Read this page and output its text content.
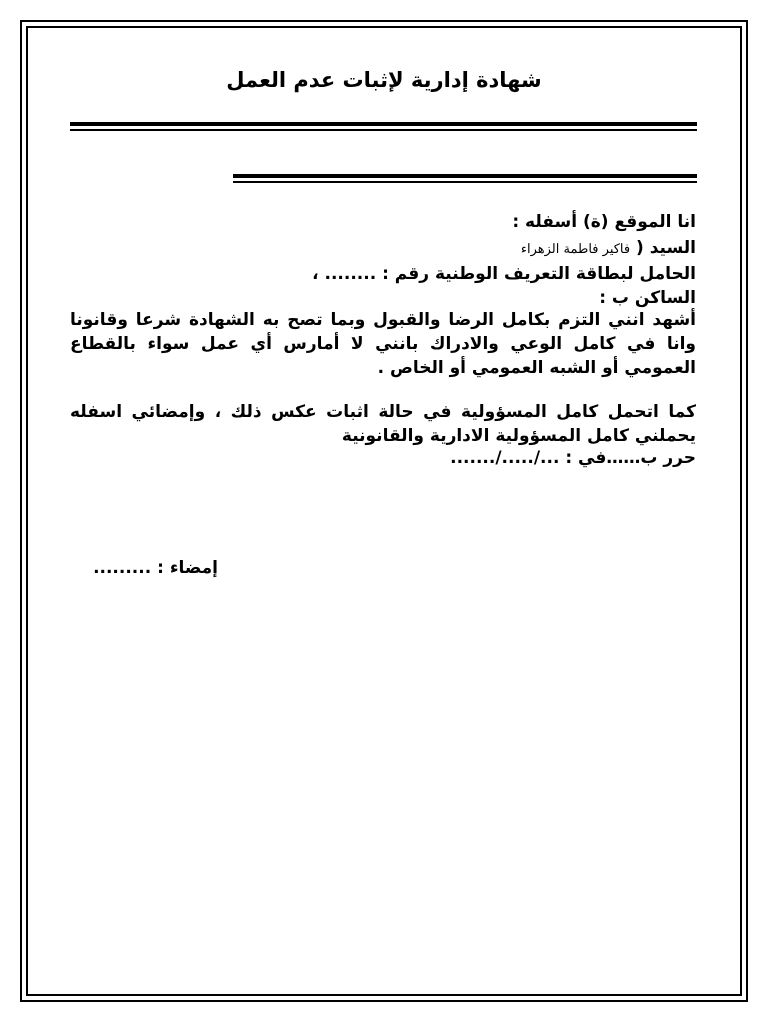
شهادة إدارية لإثبات عدم العمل
انا الموقع (ة) أسفله :
السيد ( فاكير فاطمة الزهراء
الحامل لبطاقة التعريف الوطنية رقم : ........ ،
الساكن ب :
أشهد انني التزم بكامل الرضا والقبول وبما تصح به الشهادة شرعا وقانونا وانا في كامل الوعي والادراك بانني لا أمارس أي عمل سواء بالقطاع العمومي أو الشبه العمومي أو الخاص .
كما اتحمل كامل المسؤولية في حالة اثبات عكس ذلك ، وإمضائي اسفله يحملني كامل المسؤولية الادارية والقانونية
حرر ب……في : .../...../.......
إمضاء : .........
